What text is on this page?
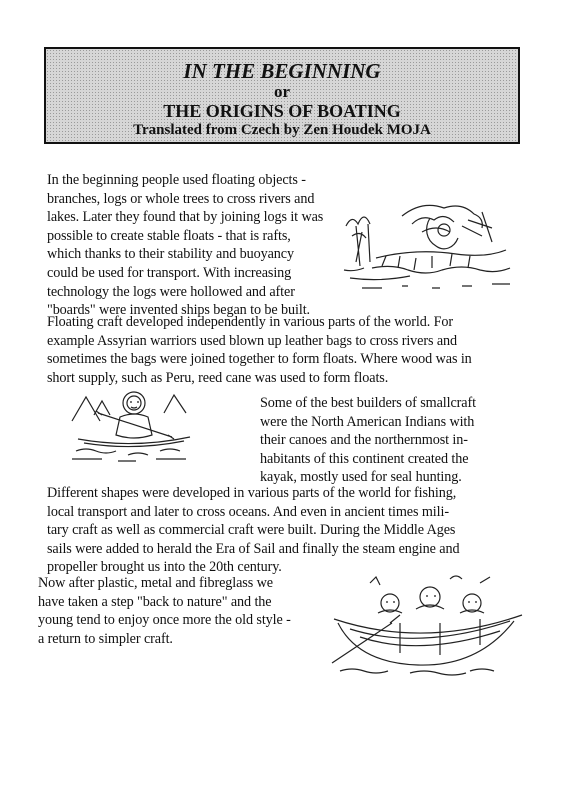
IN THE BEGINNING
or
THE ORIGINS OF BOATING
Translated from Czech by Zen Houdek MOJA
In the beginning people used floating objects -
branches, logs or whole trees to cross rivers and
lakes. Later they found that by joining logs it was
possible to create stable floats - that is rafts,
which thanks to their stability and buoyancy
could be used for transport. With increasing
technology the logs were hollowed and after
"boards" were invented ships began to be built.
Floating craft developed independently in various parts of the world. For
example Assyrian warriors used blown up leather bags to cross rivers and
sometimes the bags were joined together to form floats. Where wood was in
short supply, such as Peru, reed cane was used to form floats.
Some of the best builders of smallcraft
were the North American Indians with
their canoes and the northernmost in-
habitants of this continent created the
kayak, mostly used for seal hunting.
Different shapes were developed in various parts of the world for fishing,
local transport and later to cross oceans. And even in ancient times mili-
tary craft as well as commercial craft were built. During the Middle Ages
sails were added to herald the Era of Sail and finally the steam engine and
propeller brought us into the 20th century.
Now after plastic, metal and fibreglass we
have taken a step "back to nature" and the
young tend to enjoy once more the old style -
a return to simpler craft.
